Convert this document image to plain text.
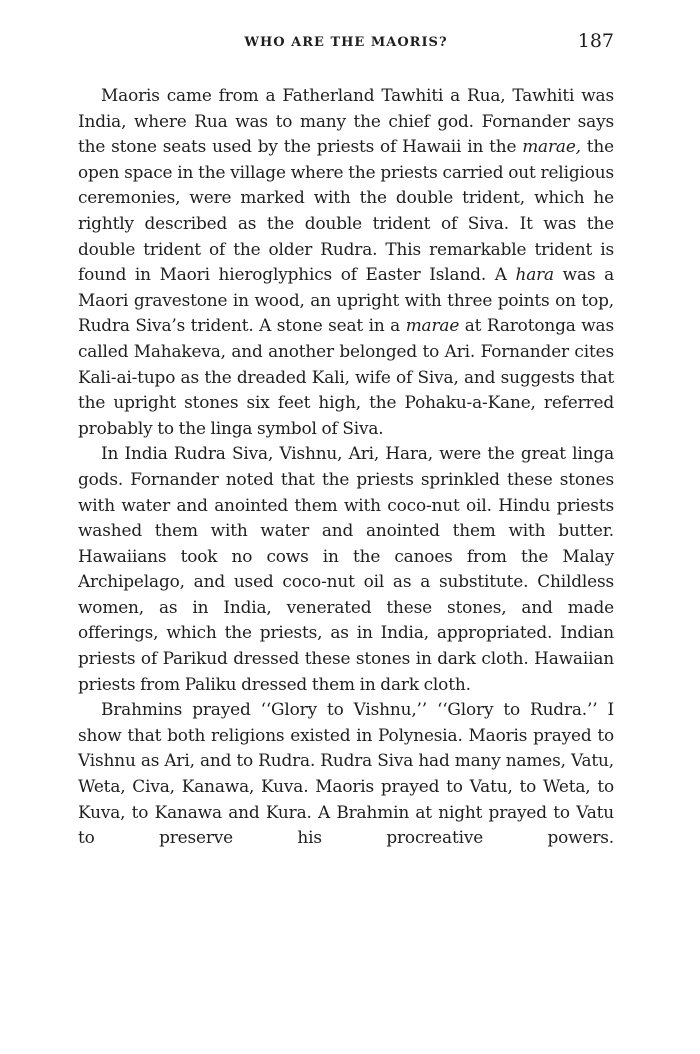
WHO ARE THE MAORIS?	187

Maoris came from a Fatherland Tawhiti a Rua, Tawhiti was India, where Rua was to many the chief god. Fornander says the stone seats used by the priests of Hawaii in the marae, the open space in the village where the priests carried out religious ceremonies, were marked with the double trident, which he rightly described as the double trident of Siva. It was the double trident of the older Rudra. This remarkable trident is found in Maori hieroglyphics of Easter Island. A hara was a Maori gravestone in wood, an upright with three points on top, Rudra Siva’s trident. A stone seat in a marae at Rarotonga was called Mahakeva, and another belonged to Ari. Fornander cites Kali-ai-tupo as the dreaded Kali, wife of Siva, and suggests that the upright stones six feet high, the Pohaku-a-Kane, referred probably to the linga symbol of Siva.

In India Rudra Siva, Vishnu, Ari, Hara, were the great linga gods. Fornander noted that the priests sprinkled these stones with water and anointed them with coco-nut oil. Hindu priests washed them with water and anointed them with butter. Hawaiians took no cows in the canoes from the Malay Archipelago, and used coco-nut oil as a substitute. Childless women, as in India, venerated these stones, and made offerings, which the priests, as in India, appropriated. Indian priests of Parikud dressed these stones in dark cloth. Hawaiian priests from Paliku dressed them in dark cloth.

Brahmins prayed ‘‘Glory to Vishnu,’’ ‘‘Glory to Rudra.’’ I show that both religions existed in Polynesia. Maoris prayed to Vishnu as Ari, and to Rudra. Rudra Siva had many names, Vatu, Weta, Civa, Kanawa, Kuva. Maoris prayed to Vatu, to Weta, to Kuva, to Kanawa and Kura. A Brahmin at night prayed to Vatu to preserve his procreative powers.
